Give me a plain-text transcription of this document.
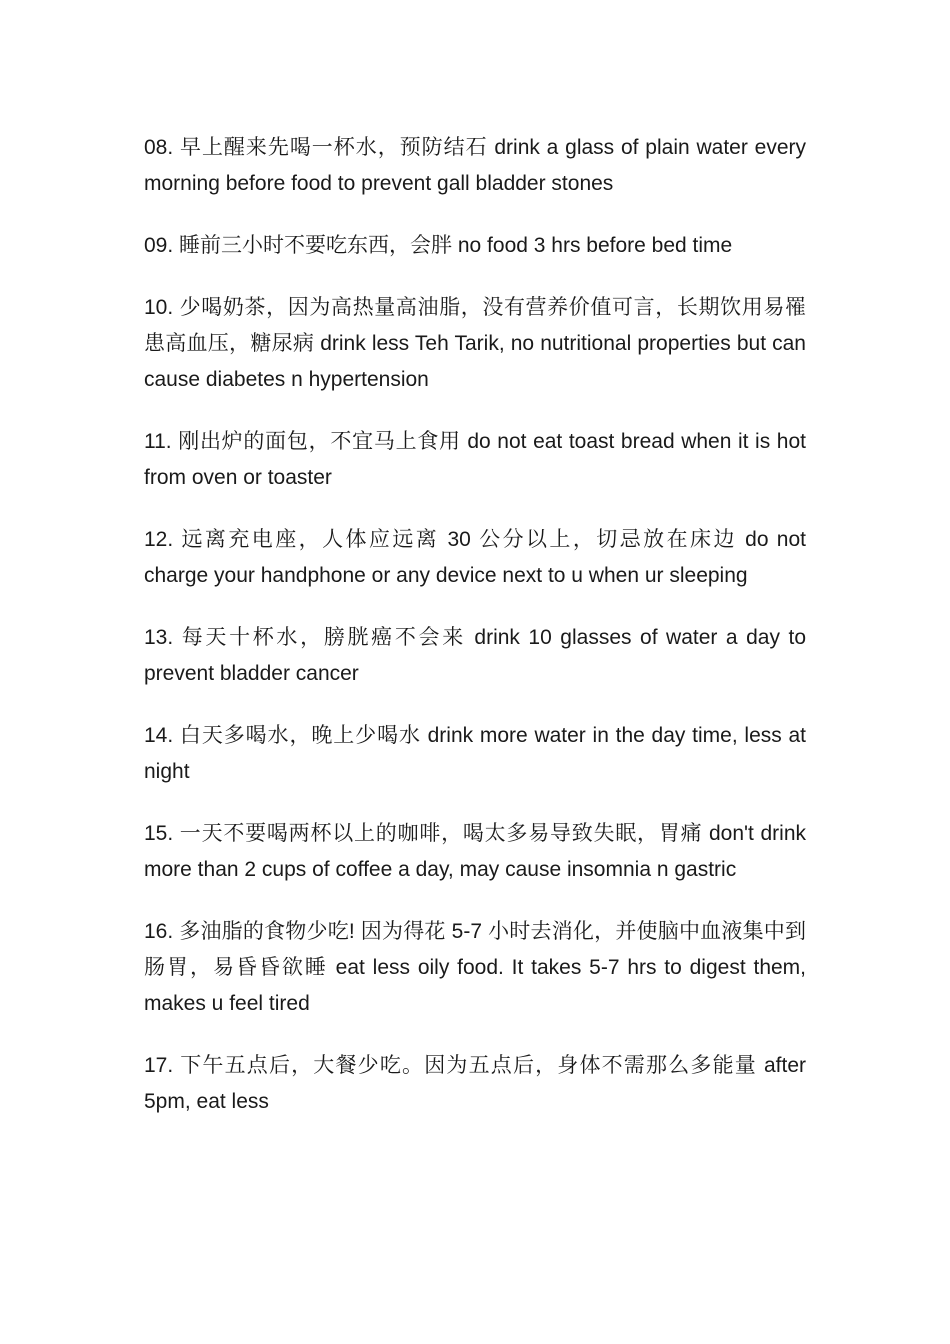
08. 早上醒来先喝一杯水，预防结石 drink a glass of plain water every morning before food to prevent gall bladder stones

09. 睡前三小时不要吃东西，会胖 no food 3 hrs before bed time

10. 少喝奶茶，因为高热量高油脂，没有营养价值可言，长期饮用易罹患高血压，糖尿病 drink less Teh Tarik, no nutritional properties but can cause diabetes n hypertension

11. 刚出炉的面包，不宜马上食用 do not eat toast bread when it is hot from oven or toaster

12. 远离充电座，人体应远离 30 公分以上，切忌放在床边 do not charge your handphone or any device next to u when ur sleeping

13. 每天十杯水，膀胱癌不会来 drink 10 glasses of water a day to prevent bladder cancer

14. 白天多喝水，晚上少喝水 drink more water in the day time, less at night

15. 一天不要喝两杯以上的咖啡，喝太多易导致失眠，胃痛 don't drink more than 2 cups of coffee a day, may cause insomnia n gastric

16. 多油脂的食物少吃! 因为得花 5-7 小时去消化，并使脑中血液集中到肠胃，易昏昏欲睡 eat less oily food. It takes 5-7 hrs to digest them, makes u feel tired

17. 下午五点后，大餐少吃。因为五点后，身体不需那么多能量 after 5pm, eat less
